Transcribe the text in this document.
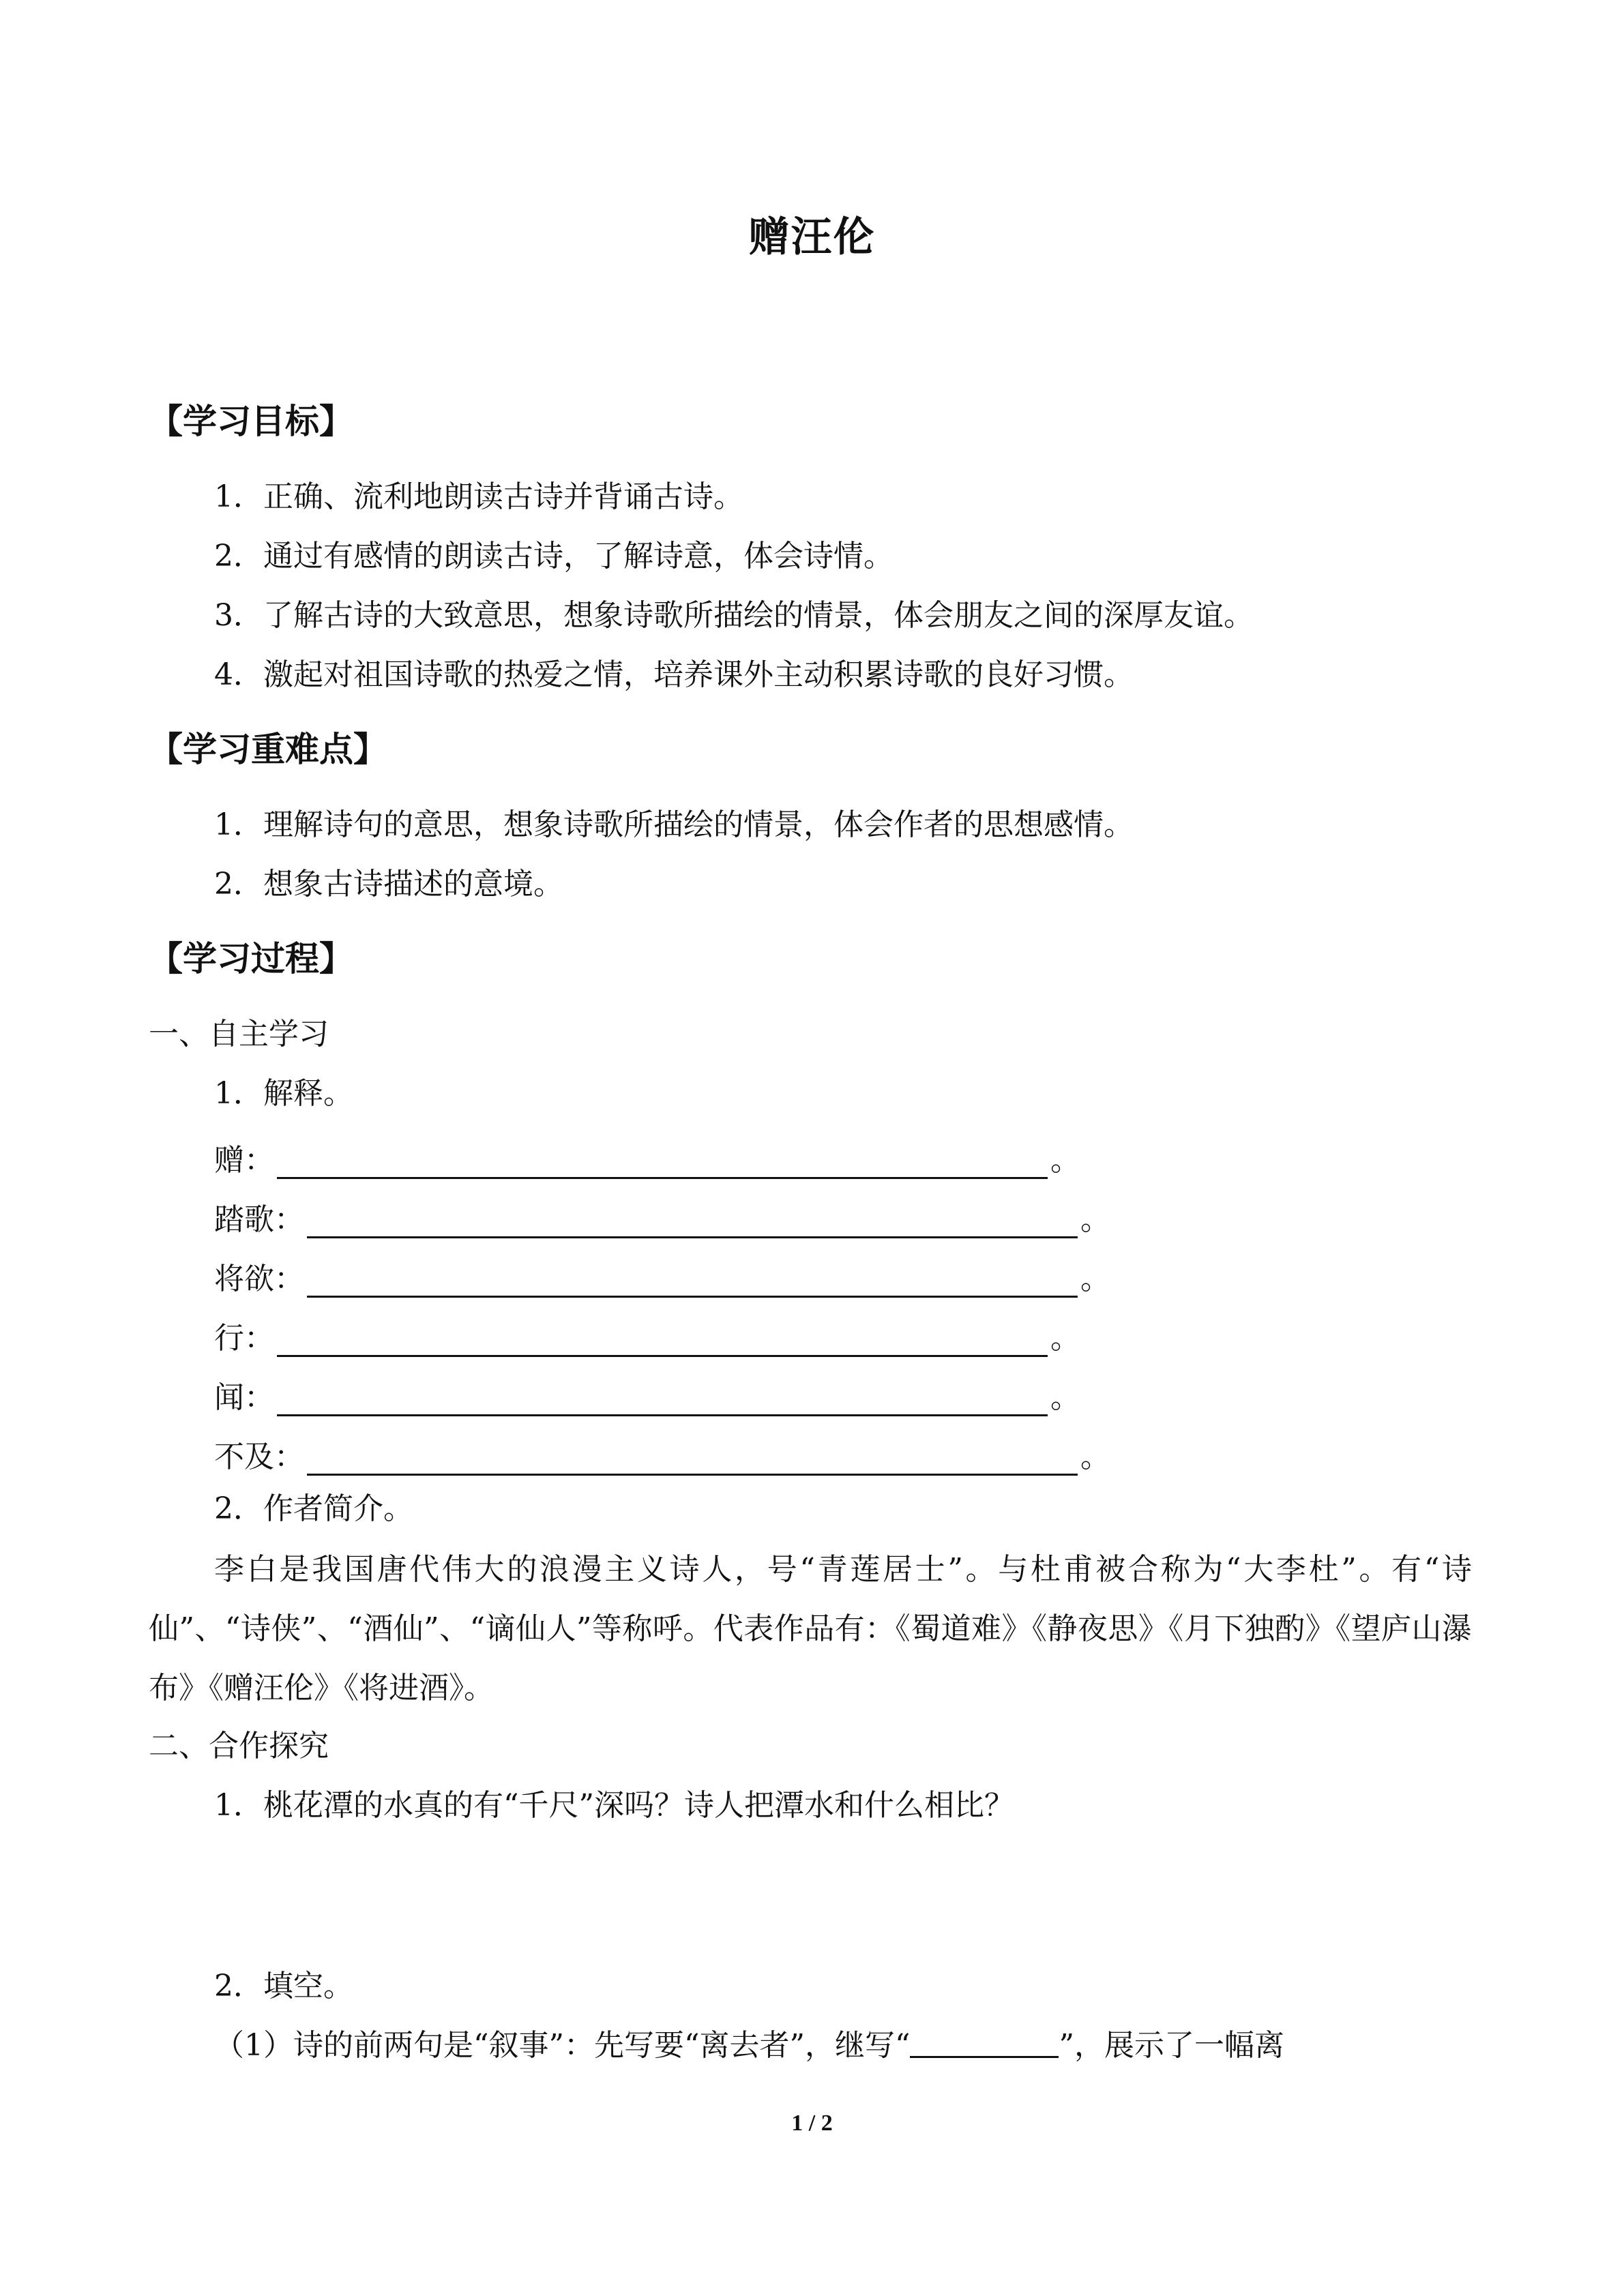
赠汪伦
【学习目标】
1．正确、流利地朗读古诗并背诵古诗。
2．通过有感情的朗读古诗，了解诗意，体会诗情。
3．了解古诗的大致意思，想象诗歌所描绘的情景，体会朋友之间的深厚友谊。
4．激起对祖国诗歌的热爱之情，培养课外主动积累诗歌的良好习惯。
【学习重难点】
1．理解诗句的意思，想象诗歌所描绘的情景，体会作者的思想感情。
2．想象古诗描述的意境。
【学习过程】
一、自主学习
1．解释。
赠：	。
踏歌：	。
将欲：	。
行：	。
闻：	。
不及：	。
2．作者简介。
李白是我国唐代伟大的浪漫主义诗人，号“青莲居士”。与杜甫被合称为“大李杜”。有“诗仙”、“诗侠”、“酒仙”、“谪仙人”等称呼。代表作品有：《蜀道难》《静夜思》《月下独酌》《望庐山瀑布》《赠汪伦》《将进酒》。
二、合作探究
1．桃花潭的水真的有“千尺”深吗？诗人把潭水和什么相比？
2．填空。
（1）诗的前两句是“叙事”：先写要“离去者”，继写“	”，展示了一幅离
1 / 2
